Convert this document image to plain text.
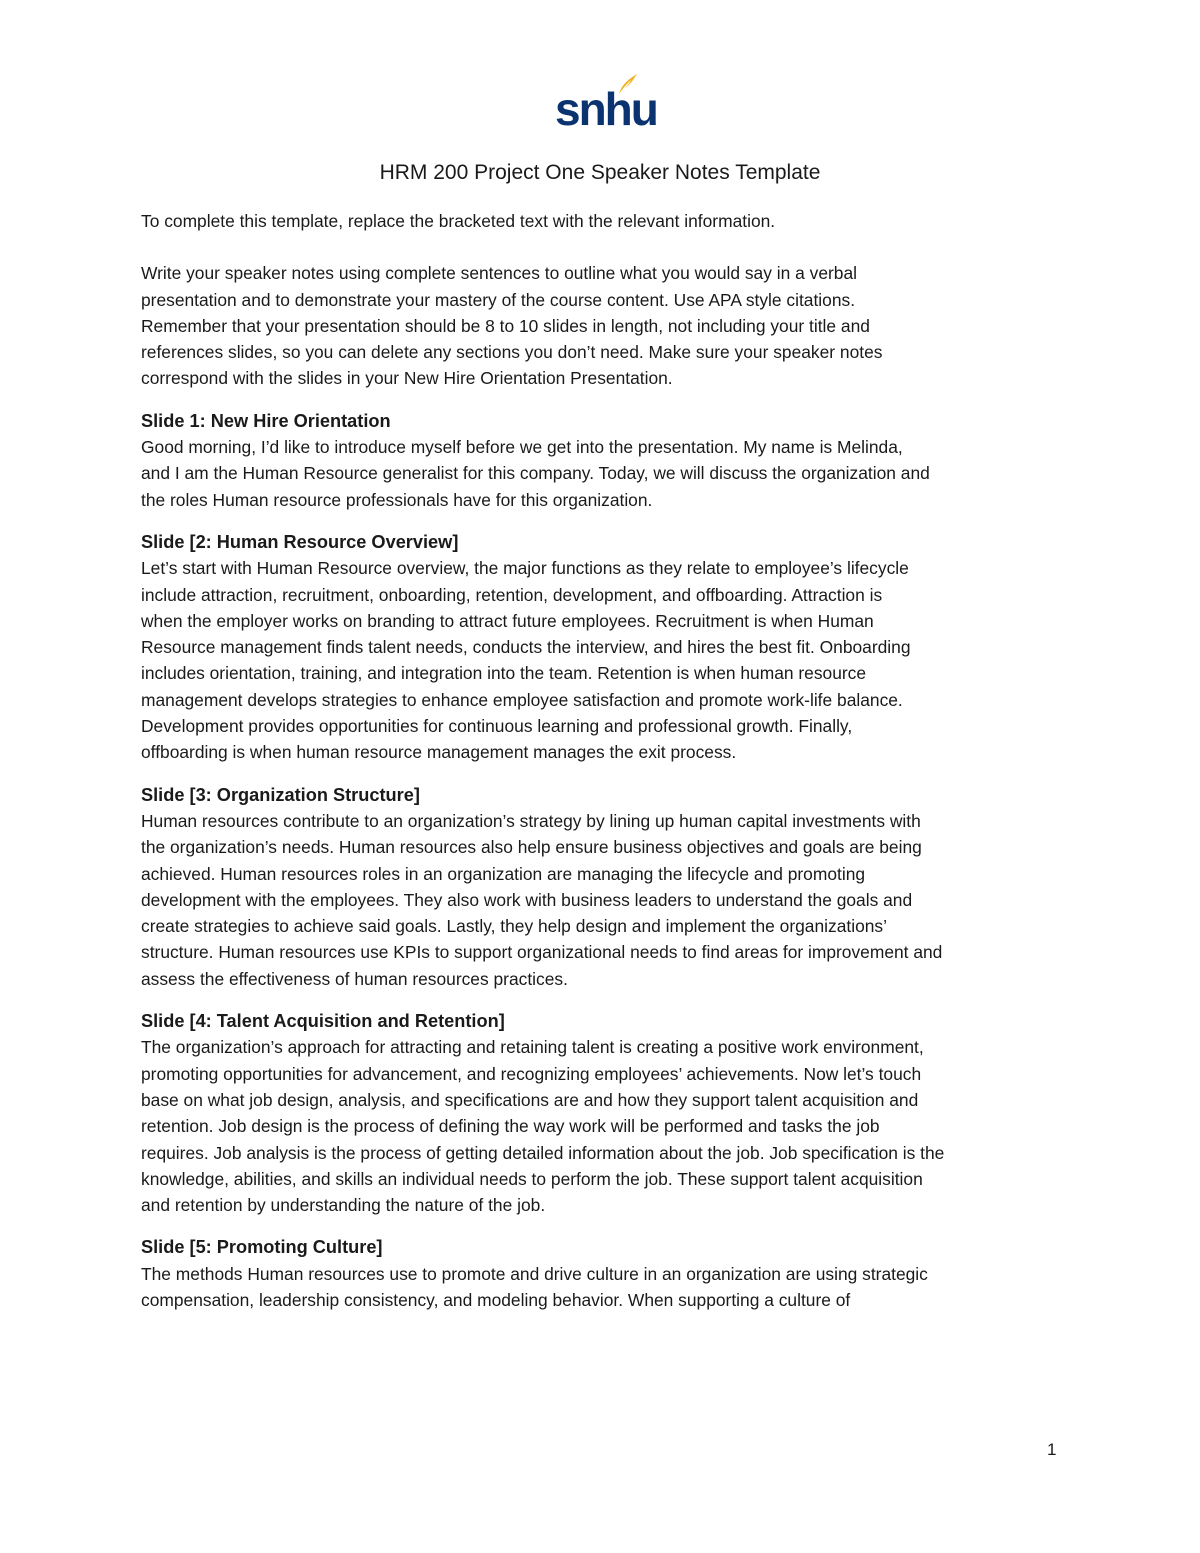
snhu
HRM 200 Project One Speaker Notes Template
To complete this template, replace the bracketed text with the relevant information.
Write your speaker notes using complete sentences to outline what you would say in a verbal
presentation and to demonstrate your mastery of the course content. Use APA style citations.
Remember that your presentation should be 8 to 10 slides in length, not including your title and
references slides, so you can delete any sections you don’t need. Make sure your speaker notes
correspond with the slides in your New Hire Orientation Presentation.
Slide 1: New Hire Orientation
Good morning, I’d like to introduce myself before we get into the presentation. My name is Melinda,
and I am the Human Resource generalist for this company. Today, we will discuss the organization and
the roles Human resource professionals have for this organization.
Slide [2: Human Resource Overview]
Let’s start with Human Resource overview, the major functions as they relate to employee’s lifecycle
include attraction, recruitment, onboarding, retention, development, and offboarding. Attraction is
when the employer works on branding to attract future employees. Recruitment is when Human
Resource management finds talent needs, conducts the interview, and hires the best fit. Onboarding
includes orientation, training, and integration into the team. Retention is when human resource
management develops strategies to enhance employee satisfaction and promote work-life balance.
Development provides opportunities for continuous learning and professional growth. Finally,
offboarding is when human resource management manages the exit process.
Slide [3: Organization Structure]
Human resources contribute to an organization’s strategy by lining up human capital investments with
the organization’s needs. Human resources also help ensure business objectives and goals are being
achieved. Human resources roles in an organization are managing the lifecycle and promoting
development with the employees. They also work with business leaders to understand the goals and
create strategies to achieve said goals. Lastly, they help design and implement the organizations’
structure. Human resources use KPIs to support organizational needs to find areas for improvement and
assess the effectiveness of human resources practices.
Slide [4: Talent Acquisition and Retention]
The organization’s approach for attracting and retaining talent is creating a positive work environment,
promoting opportunities for advancement, and recognizing employees’ achievements. Now let’s touch
base on what job design, analysis, and specifications are and how they support talent acquisition and
retention. Job design is the process of defining the way work will be performed and tasks the job
requires. Job analysis is the process of getting detailed information about the job. Job specification is the
knowledge, abilities, and skills an individual needs to perform the job. These support talent acquisition
and retention by understanding the nature of the job.
Slide [5: Promoting Culture]
The methods Human resources use to promote and drive culture in an organization are using strategic
compensation, leadership consistency, and modeling behavior. When supporting a culture of
1
